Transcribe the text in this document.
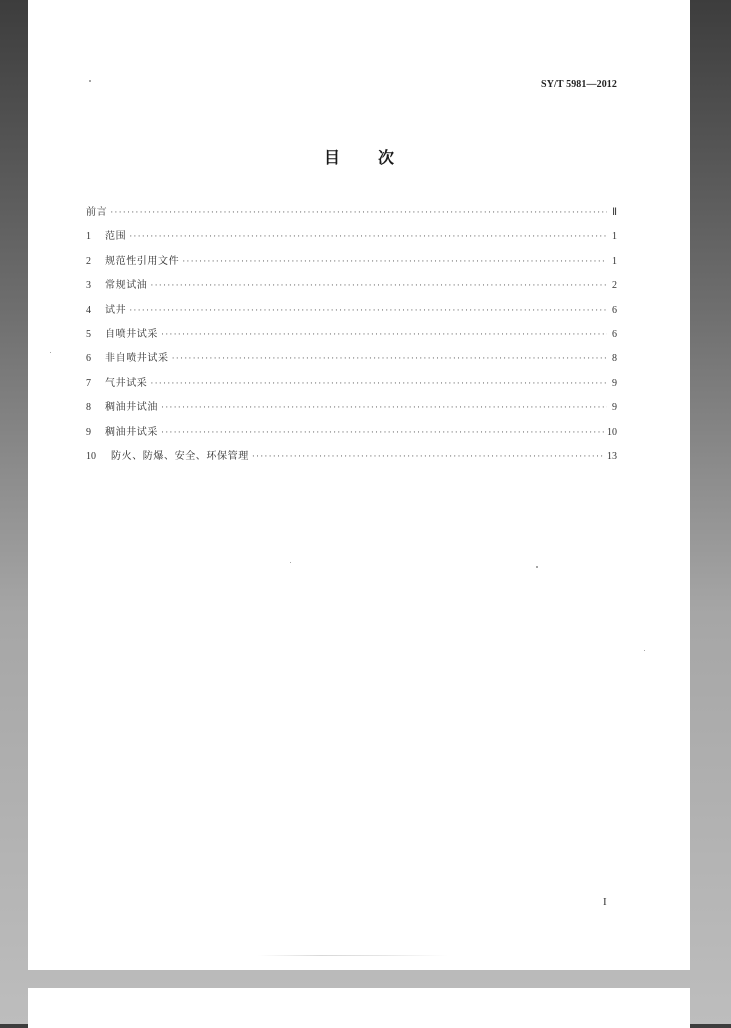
SY/T 5981—2012
目 次
前言 ·····	Ⅱ
1	范围 ·····	1
2	规范性引用文件 ·····	1
3	常规试油 ·····	2
4	试井 ·····	6
5	自喷井试采 ·····	6
6	非自喷井试采 ·····	8
7	气井试采 ·····	9
8	稠油井试油 ·····	9
9	稠油井试采 ·····	10
10	防火、防爆、安全、环保管理 ·····	13
I
